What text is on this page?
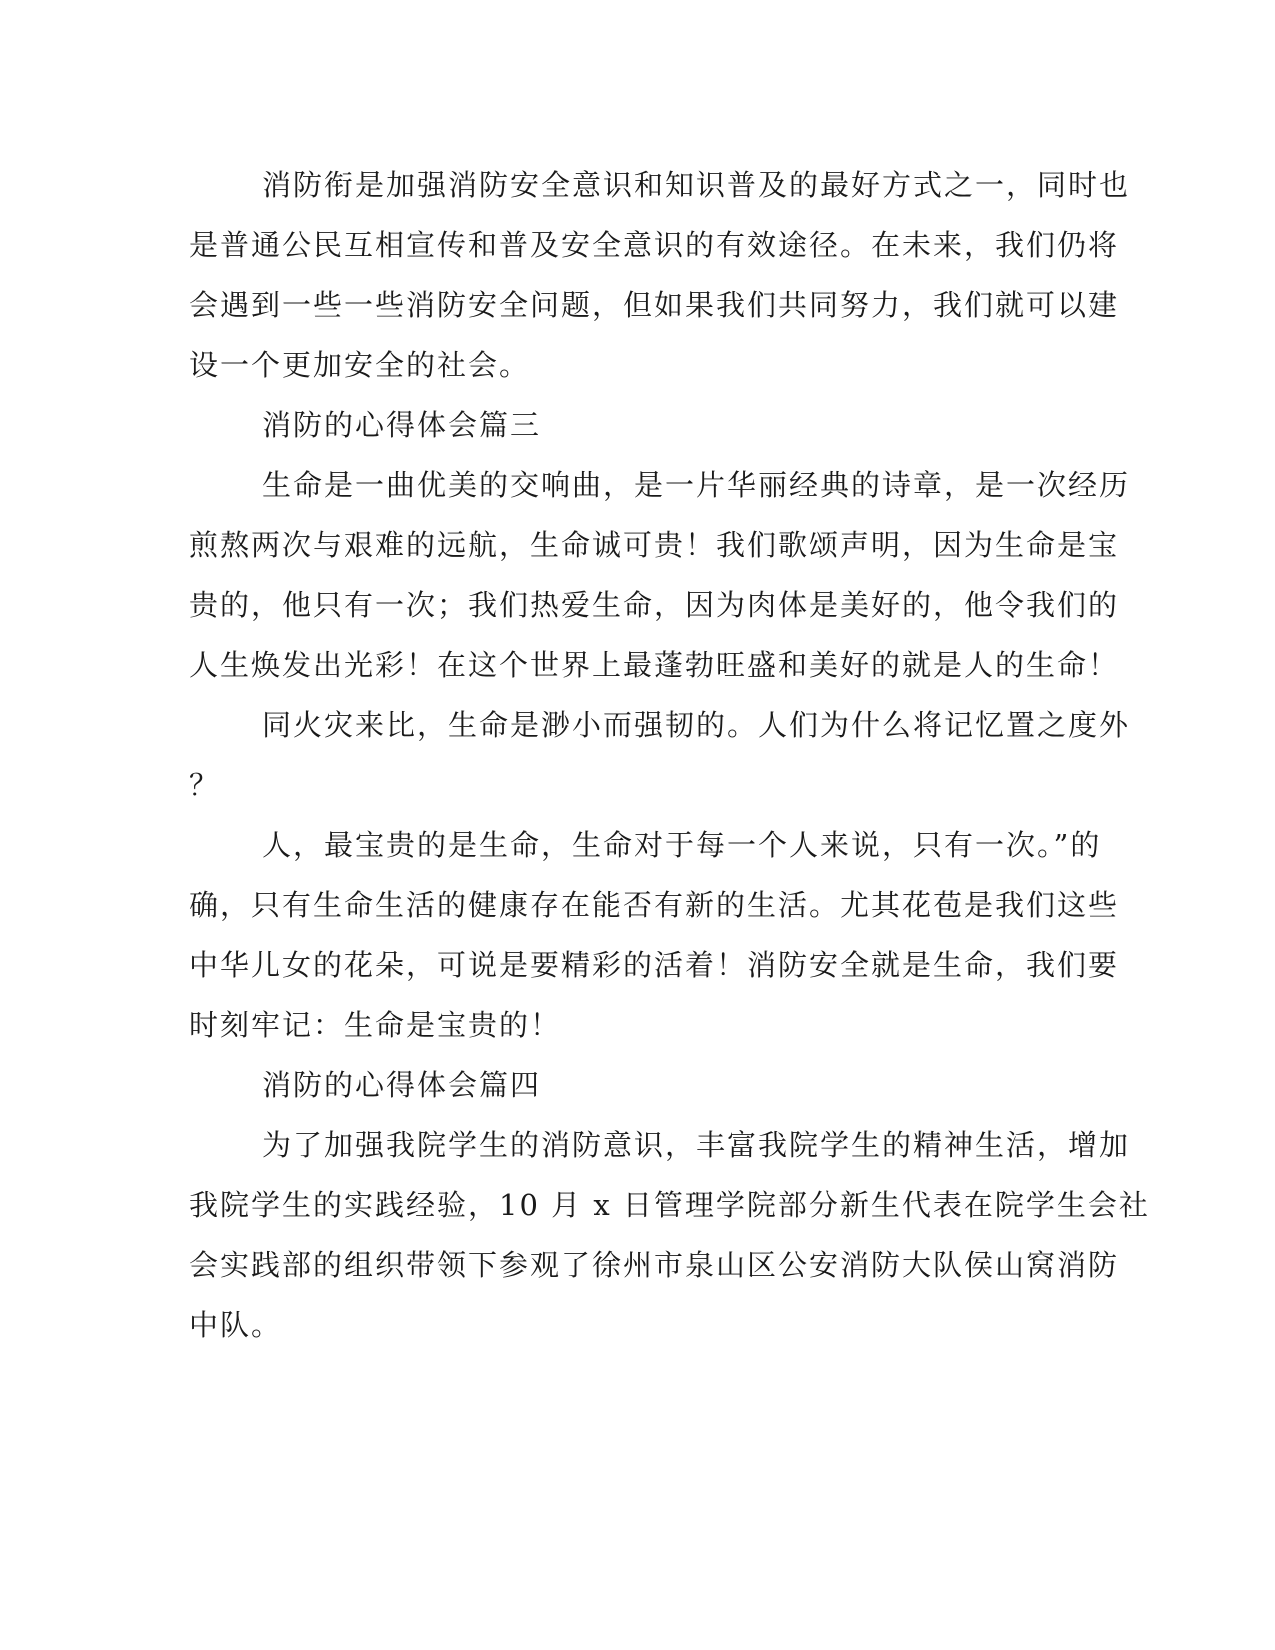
消防衔是加强消防安全意识和知识普及的最好方式之一，同时也
是普通公民互相宣传和普及安全意识的有效途径。在未来，我们仍将
会遇到一些一些消防安全问题，但如果我们共同努力，我们就可以建
设一个更加安全的社会。
消防的心得体会篇三
生命是一曲优美的交响曲，是一片华丽经典的诗章，是一次经历
煎熬两次与艰难的远航，生命诚可贵！我们歌颂声明，因为生命是宝
贵的，他只有一次；我们热爱生命，因为肉体是美好的，他令我们的
人生焕发出光彩！在这个世界上最蓬勃旺盛和美好的就是人的生命！
同火灾来比，生命是渺小而强韧的。人们为什么将记忆置之度外
？
人，最宝贵的是生命，生命对于每一个人来说，只有一次。”的
确，只有生命生活的健康存在能否有新的生活。尤其花苞是我们这些
中华儿女的花朵，可说是要精彩的活着！消防安全就是生命，我们要
时刻牢记：生命是宝贵的！
消防的心得体会篇四
为了加强我院学生的消防意识，丰富我院学生的精神生活，增加
我院学生的实践经验，10 月 x 日管理学院部分新生代表在院学生会社
会实践部的组织带领下参观了徐州市泉山区公安消防大队侯山窝消防
中队。
